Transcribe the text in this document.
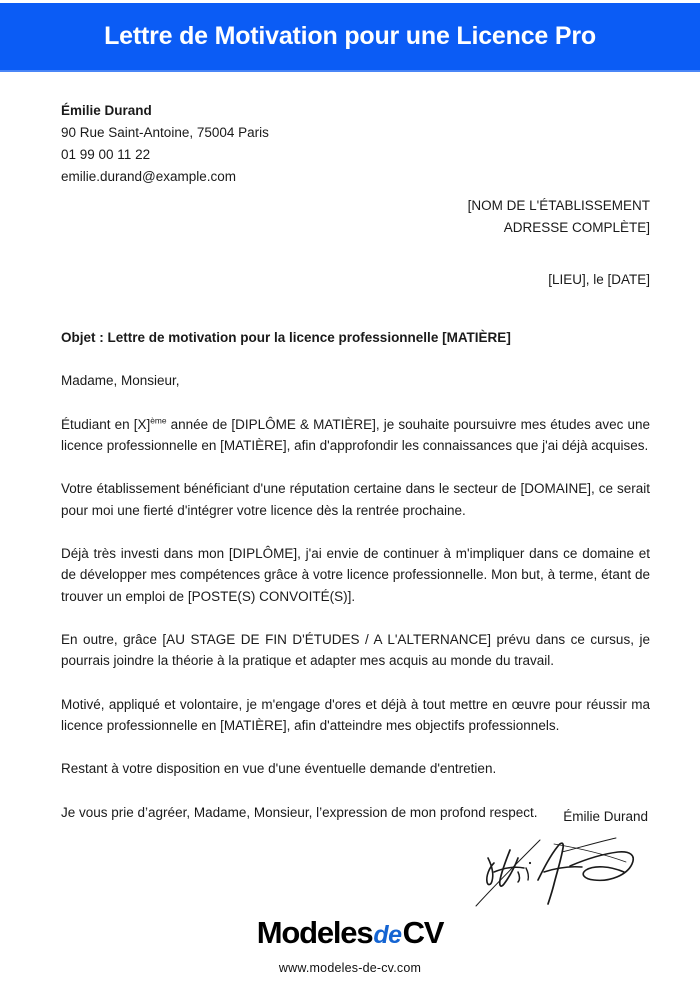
Lettre de Motivation pour une Licence Pro
Émilie Durand
90 Rue Saint-Antoine, 75004 Paris
01 99 00 11 22
emilie.durand@example.com
[NOM DE L'ÉTABLISSEMENT
ADRESSE COMPLÈTE]
[LIEU], le [DATE]

Objet : Lettre de motivation pour la licence professionnelle [MATIÈRE]

Madame, Monsieur,

Étudiant en $[X]^{ème}$ année de [DIPLÔME & MATIÈRE], je souhaite poursuivre mes études avec une licence professionnelle en [MATIÈRE], afin d'approfondir les connaissances que j'ai déjà acquises.

Votre établissement bénéficiant d'une réputation certaine dans le secteur de [DOMAINE], ce serait pour moi une fierté d'intégrer votre licence dès la rentrée prochaine.

Déjà très investi dans mon [DIPLÔME], j'ai envie de continuer à m'impliquer dans ce domaine et de développer mes compétences grâce à votre licence professionnelle. Mon but, à terme, étant de trouver un emploi de [POSTE(S) CONVOITÉ(S)].

En outre, grâce [AU STAGE DE FIN D'ÉTUDES / A L'ALTERNANCE] prévu dans ce cursus, je pourrais joindre la théorie à la pratique et adapter mes acquis au monde du travail.

Motivé, appliqué et volontaire, je m'engage d'ores et déjà à tout mettre en œuvre pour réussir ma licence professionnelle en [MATIÈRE], afin d'atteindre mes objectifs professionnels.

Restant à votre disposition en vue d'une éventuelle demande d'entretien.

Je vous prie d’agréer, Madame, Monsieur, l’expression de mon profond respect.	Émilie Durand
ModelesdeCV
www.modeles-de-cv.com
